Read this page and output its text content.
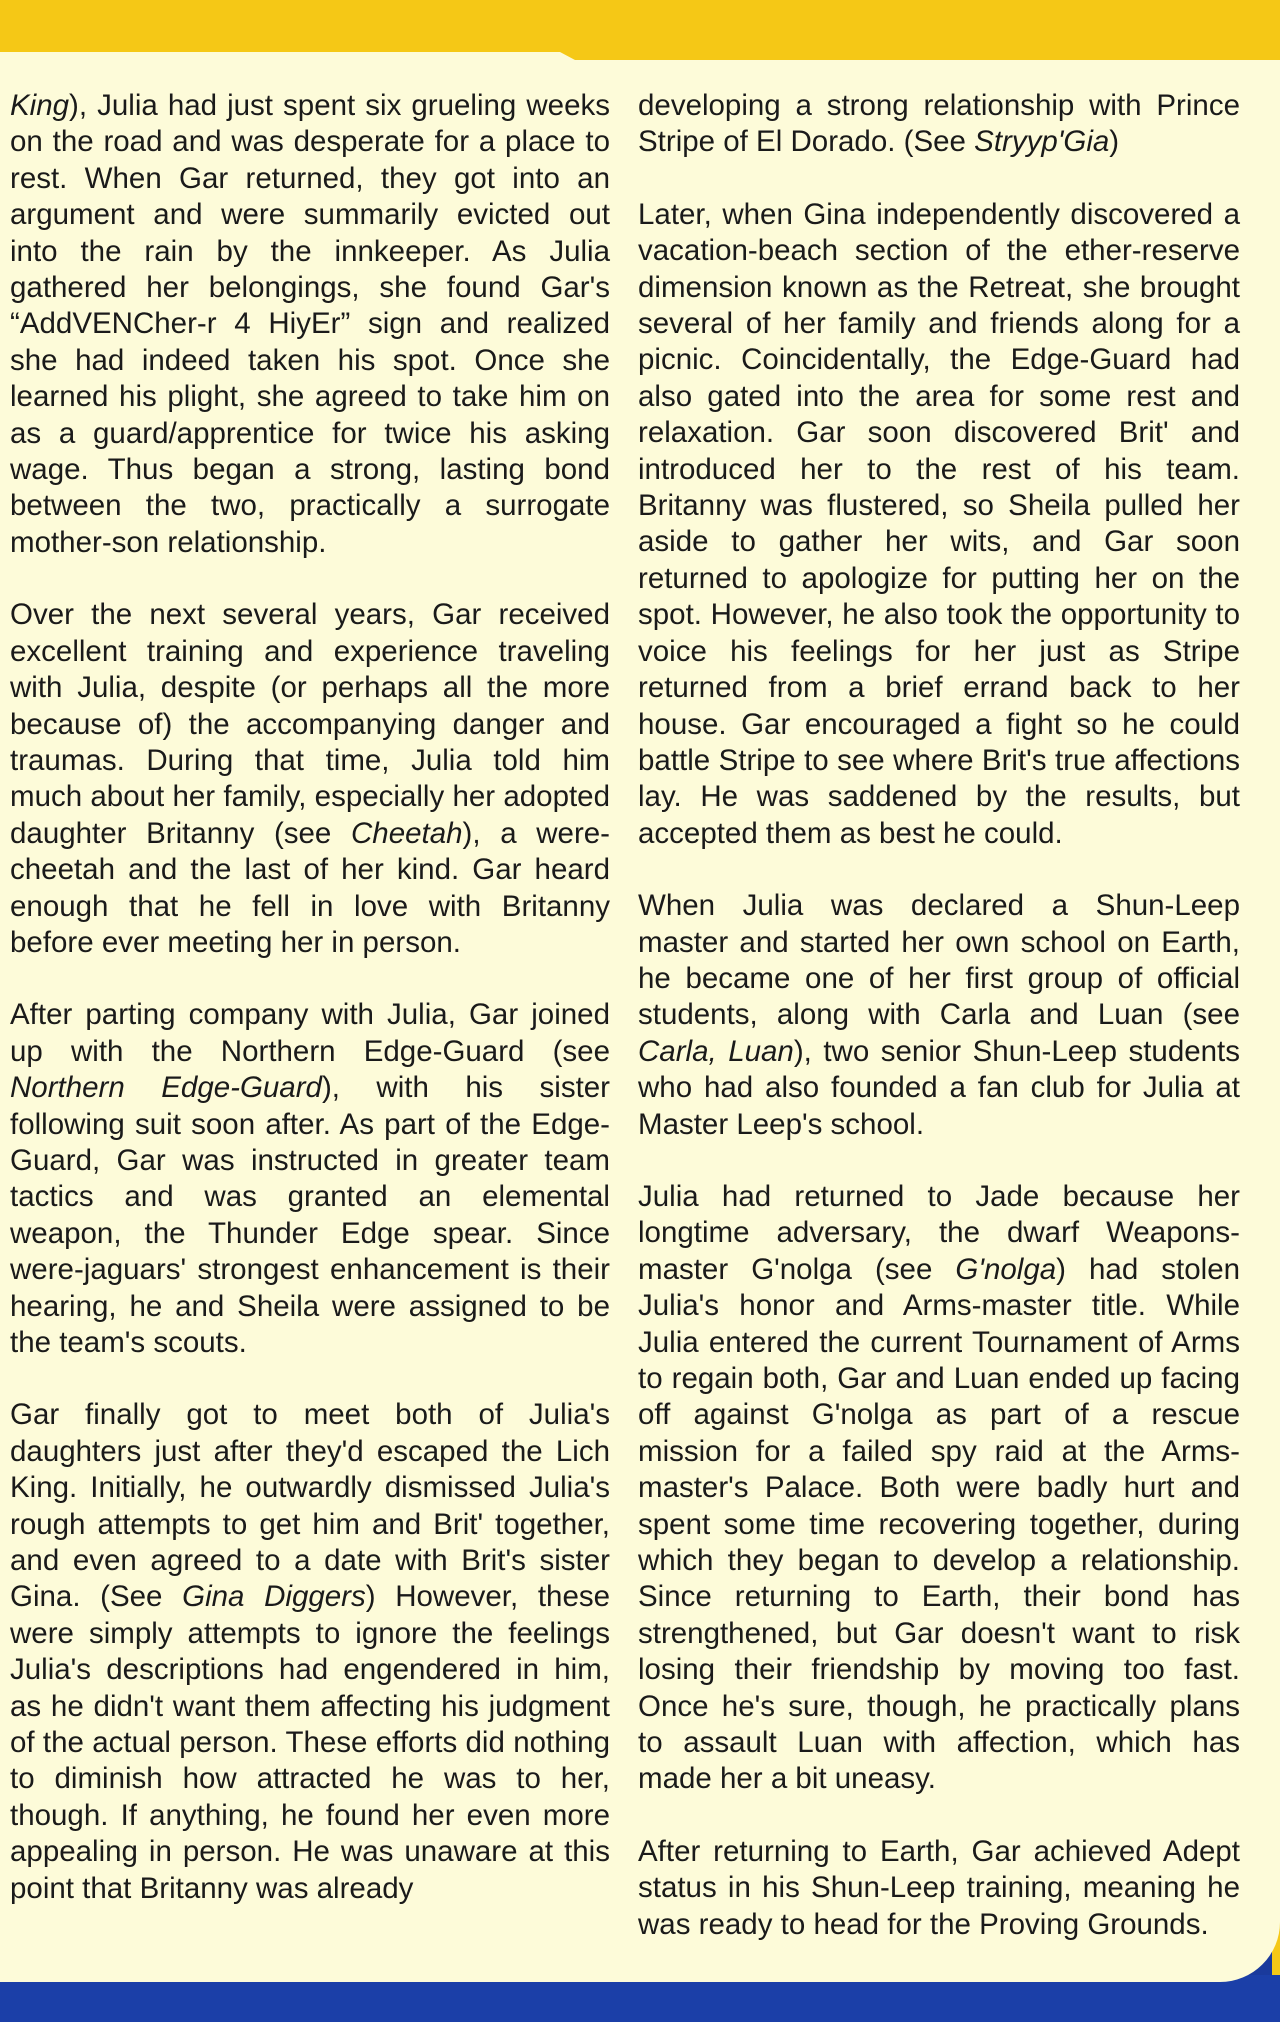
King), Julia had just spent six grueling weeks on the road and was desperate for a place to rest. When Gar returned, they got into an argument and were summarily evicted out into the rain by the innkeeper. As Julia gathered her belongings, she found Gar's “AddVENCher-r 4 HiyEr” sign and realized she had indeed taken his spot. Once she learned his plight, she agreed to take him on as a guard/apprentice for twice his asking wage. Thus began a strong, lasting bond between the two, practically a surrogate mother-son relationship.

Over the next several years, Gar received excellent training and experience traveling with Julia, despite (or perhaps all the more because of) the accompanying danger and traumas. During that time, Julia told him much about her family, especially her adopted daughter Britanny (see Cheetah), a were-cheetah and the last of her kind. Gar heard enough that he fell in love with Britanny before ever meeting her in person.

After parting company with Julia, Gar joined up with the Northern Edge-Guard (see Northern Edge-Guard), with his sister following suit soon after. As part of the Edge-Guard, Gar was instructed in greater team tactics and was granted an elemental weapon, the Thunder Edge spear. Since were-jaguars' strongest enhancement is their hearing, he and Sheila were assigned to be the team's scouts.

Gar finally got to meet both of Julia's daughters just after they'd escaped the Lich King. Initially, he outwardly dismissed Julia's rough attempts to get him and Brit' together, and even agreed to a date with Brit's sister Gina. (See Gina Diggers) However, these were simply attempts to ignore the feelings Julia's descriptions had engendered in him, as he didn't want them affecting his judgment of the actual person. These efforts did nothing to diminish how attracted he was to her, though. If anything, he found her even more appealing in person. He was unaware at this point that Britanny was already

developing a strong relationship with Prince Stripe of El Dorado. (See Stryyp'Gia)

Later, when Gina independently discovered a vacation-beach section of the ether-reserve dimension known as the Retreat, she brought several of her family and friends along for a picnic. Coincidentally, the Edge-Guard had also gated into the area for some rest and relaxation. Gar soon discovered Brit' and introduced her to the rest of his team. Britanny was flustered, so Sheila pulled her aside to gather her wits, and Gar soon returned to apologize for putting her on the spot. However, he also took the opportunity to voice his feelings for her just as Stripe returned from a brief errand back to her house. Gar encouraged a fight so he could battle Stripe to see where Brit's true affections lay. He was saddened by the results, but accepted them as best he could.

When Julia was declared a Shun-Leep master and started her own school on Earth, he became one of her first group of official students, along with Carla and Luan (see Carla, Luan), two senior Shun-Leep students who had also founded a fan club for Julia at Master Leep's school.

Julia had returned to Jade because her longtime adversary, the dwarf Weapons-master G'nolga (see G'nolga) had stolen Julia's honor and Arms-master title. While Julia entered the current Tournament of Arms to regain both, Gar and Luan ended up facing off against G'nolga as part of a rescue mission for a failed spy raid at the Arms-master's Palace. Both were badly hurt and spent some time recovering together, during which they began to develop a relationship. Since returning to Earth, their bond has strengthened, but Gar doesn't want to risk losing their friendship by moving too fast. Once he's sure, though, he practically plans to assault Luan with affection, which has made her a bit uneasy.

After returning to Earth, Gar achieved Adept status in his Shun-Leep training, meaning he was ready to head for the Proving Grounds.
